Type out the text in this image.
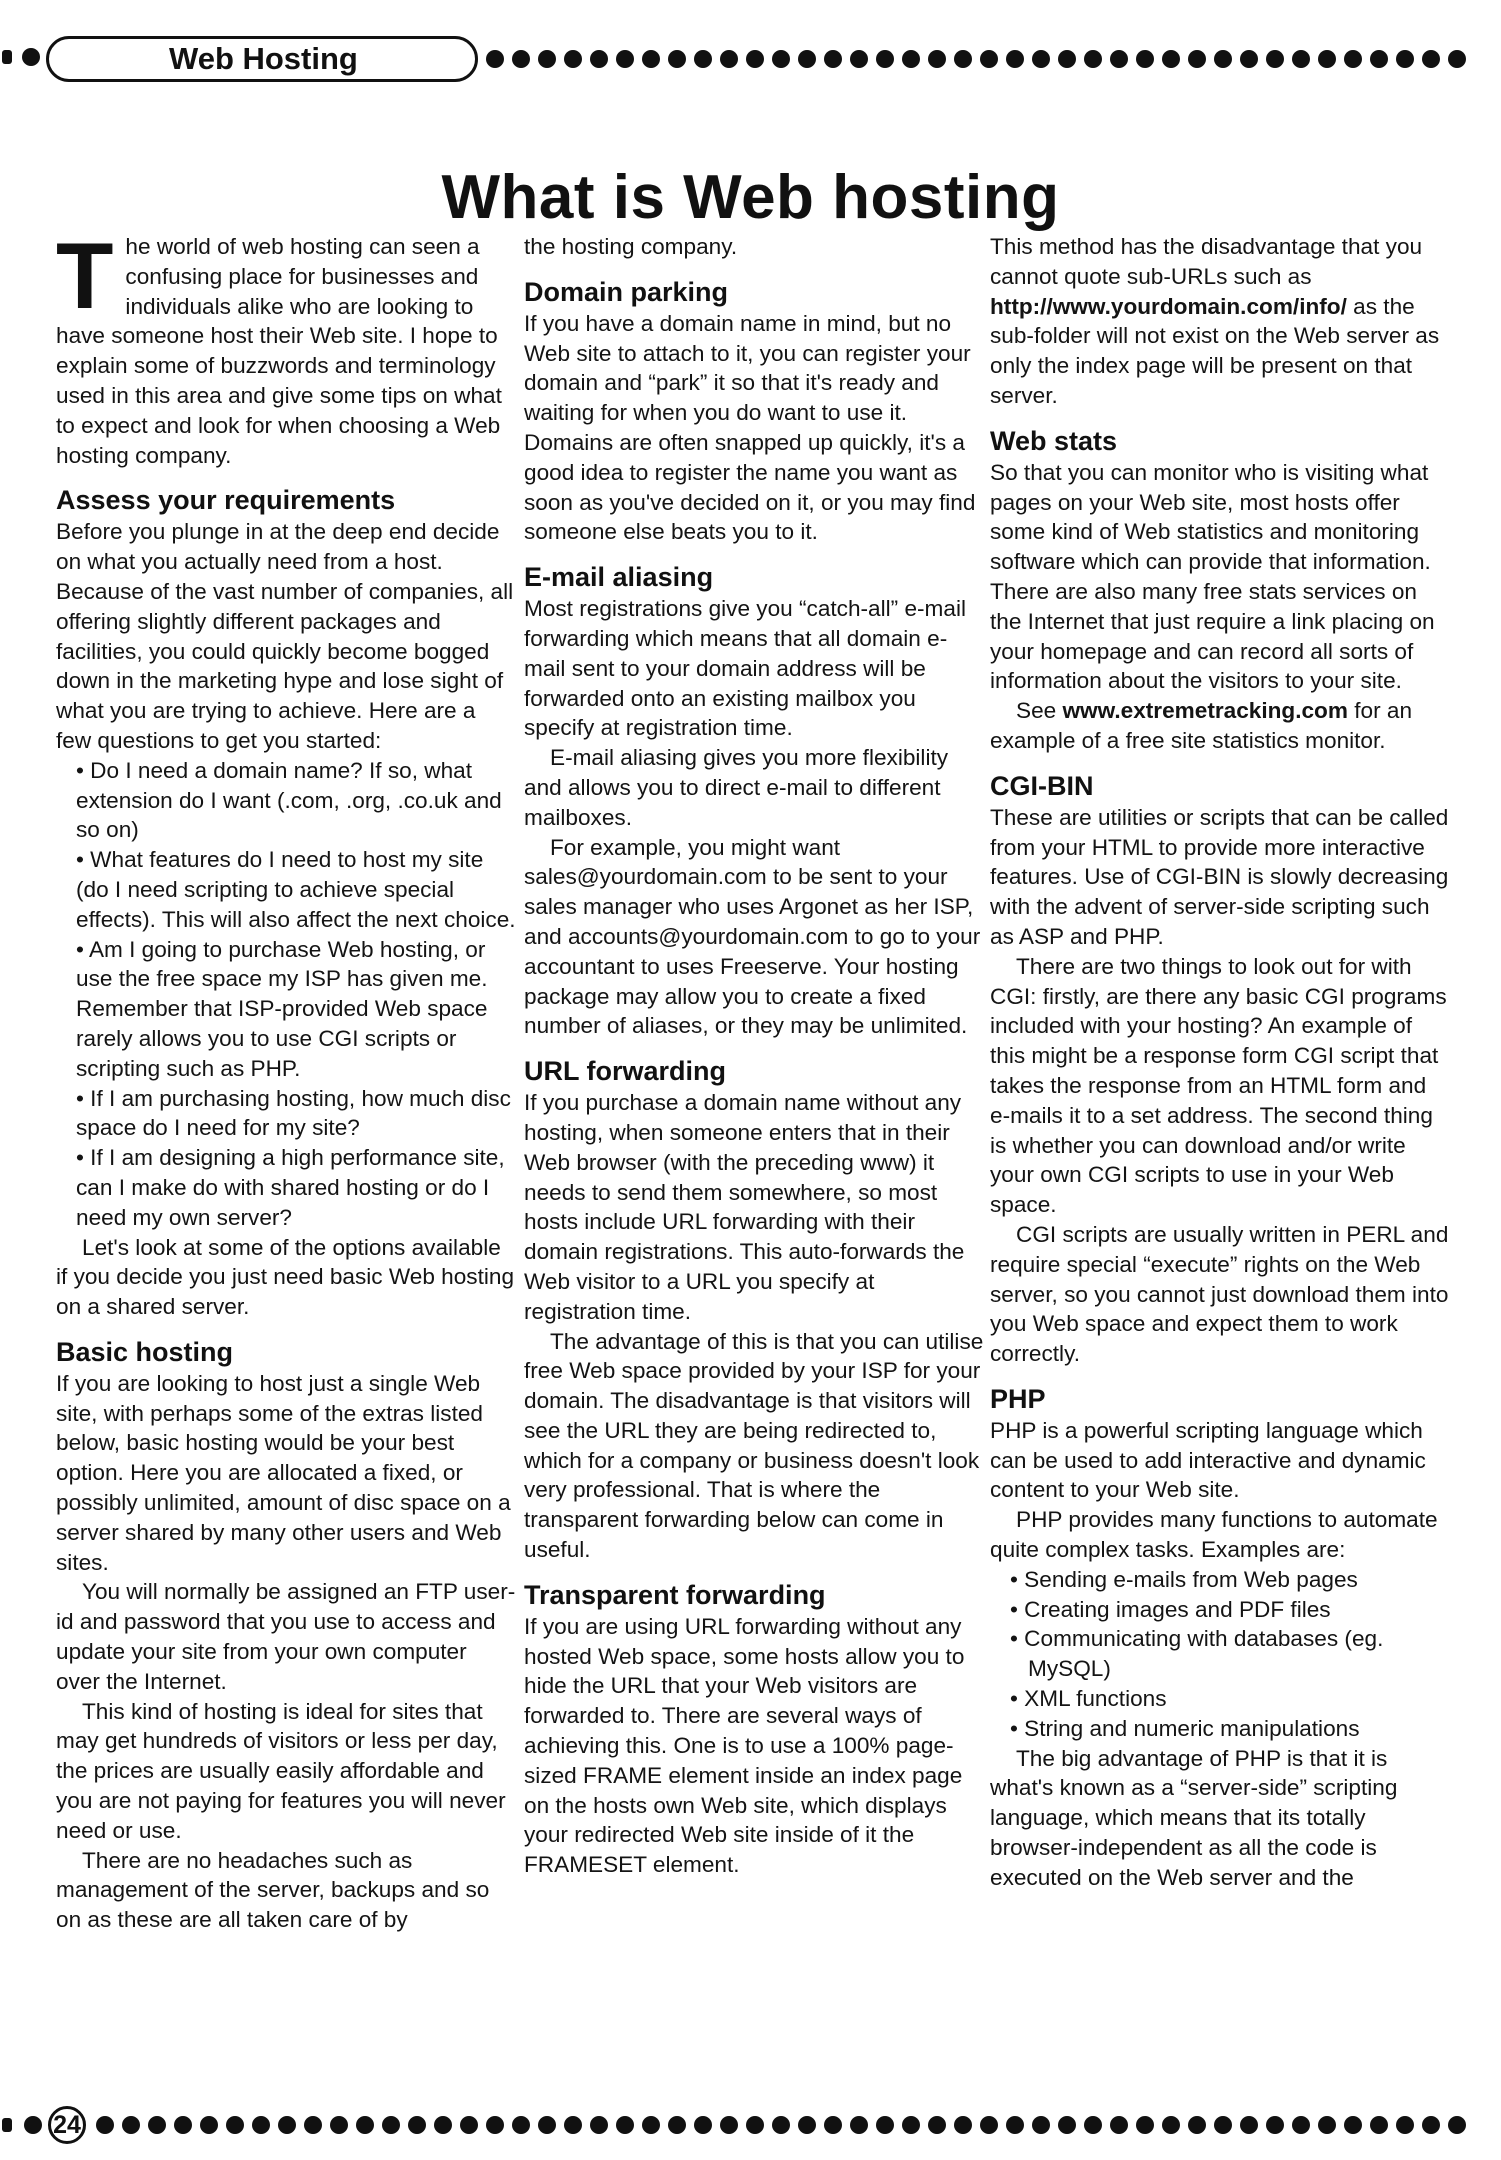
Web Hosting
What is Web hosting

The world of web hosting can seen a confusing place for businesses and individuals alike who are looking to have someone host their Web site. I hope to explain some of buzzwords and terminology used in this area and give some tips on what to expect and look for when choosing a Web hosting company.

Assess your requirements

Before you plunge in at the deep end decide on what you actually need from a host. Because of the vast number of companies, all offering slightly different packages and facilities, you could quickly become bogged down in the marketing hype and lose sight of what you are trying to achieve. Here are a few questions to get you started:

• Do I need a domain name? If so, what extension do I want (.com, .org, .co.uk and so on)
• What features do I need to host my site (do I need scripting to achieve special effects). This will also affect the next choice.
• Am I going to purchase Web hosting, or use the free space my ISP has given me. Remember that ISP-provided Web space rarely allows you to use CGI scripts or scripting such as PHP.
• If I am purchasing hosting, how much disc space do I need for my site?
• If I am designing a high performance site, can I make do with shared hosting or do I need my own server?

Let's look at some of the options available if you decide you just need basic Web hosting on a shared server.

Basic hosting

If you are looking to host just a single Web site, with perhaps some of the extras listed below, basic hosting would be your best option. Here you are allocated a fixed, or possibly unlimited, amount of disc space on a server shared by many other users and Web sites.

You will normally be assigned an FTP user-id and password that you use to access and update your site from your own computer over the Internet.

This kind of hosting is ideal for sites that may get hundreds of visitors or less per day, the prices are usually easily affordable and you are not paying for features you will never need or use.

There are no headaches such as management of the server, backups and so on as these are all taken care of by

the hosting company.

Domain parking

If you have a domain name in mind, but no Web site to attach to it, you can register your domain and “park” it so that it's ready and waiting for when you do want to use it. Domains are often snapped up quickly, it's a good idea to register the name you want as soon as you've decided on it, or you may find someone else beats you to it.

E-mail aliasing

Most registrations give you “catch-all” e-mail forwarding which means that all domain e-mail sent to your domain address will be forwarded onto an existing mailbox you specify at registration time.

E-mail aliasing gives you more flexibility and allows you to direct e-mail to different mailboxes.

For example, you might want sales@yourdomain.com to be sent to your sales manager who uses Argonet as her ISP, and accounts@yourdomain.com to go to your accountant to uses Freeserve. Your hosting package may allow you to create a fixed number of aliases, or they may be unlimited.

URL forwarding

If you purchase a domain name without any hosting, when someone enters that in their Web browser (with the preceding www) it needs to send them somewhere, so most hosts include URL forwarding with their domain registrations. This auto-forwards the Web visitor to a URL you specify at registration time.

The advantage of this is that you can utilise free Web space provided by your ISP for your domain. The disadvantage is that visitors will see the URL they are being redirected to, which for a company or business doesn't look very professional. That is where the transparent forwarding below can come in useful.

Transparent forwarding

If you are using URL forwarding without any hosted Web space, some hosts allow you to hide the URL that your Web visitors are forwarded to. There are several ways of achieving this. One is to use a 100% page-sized FRAME element inside an index page on the hosts own Web site, which displays your redirected Web site inside of it the FRAMESET element.

This method has the disadvantage that you cannot quote sub-URLs such as http://www.yourdomain.com/info/ as the sub-folder will not exist on the Web server as only the index page will be present on that server.

Web stats

So that you can monitor who is visiting what pages on your Web site, most hosts offer some kind of Web statistics and monitoring software which can provide that information. There are also many free stats services on the Internet that just require a link placing on your homepage and can record all sorts of information about the visitors to your site.

See www.extremetracking.com for an example of a free site statistics monitor.

CGI-BIN

These are utilities or scripts that can be called from your HTML to provide more interactive features. Use of CGI-BIN is slowly decreasing with the advent of server-side scripting such as ASP and PHP.

There are two things to look out for with CGI: firstly, are there any basic CGI programs included with your hosting? An example of this might be a response form CGI script that takes the response from an HTML form and e-mails it to a set address. The second thing is whether you can download and/or write your own CGI scripts to use in your Web space.

CGI scripts are usually written in PERL and require special “execute” rights on the Web server, so you cannot just download them into you Web space and expect them to work correctly.

PHP

PHP is a powerful scripting language which can be used to add interactive and dynamic content to your Web site.

PHP provides many functions to automate quite complex tasks. Examples are:

• Sending e-mails from Web pages
• Creating images and PDF files
• Communicating with databases (eg. MySQL)
• XML functions
• String and numeric manipulations

The big advantage of PHP is that it is what's known as a “server-side” scripting language, which means that its totally browser-independent as all the code is executed on the Web server and the

24
